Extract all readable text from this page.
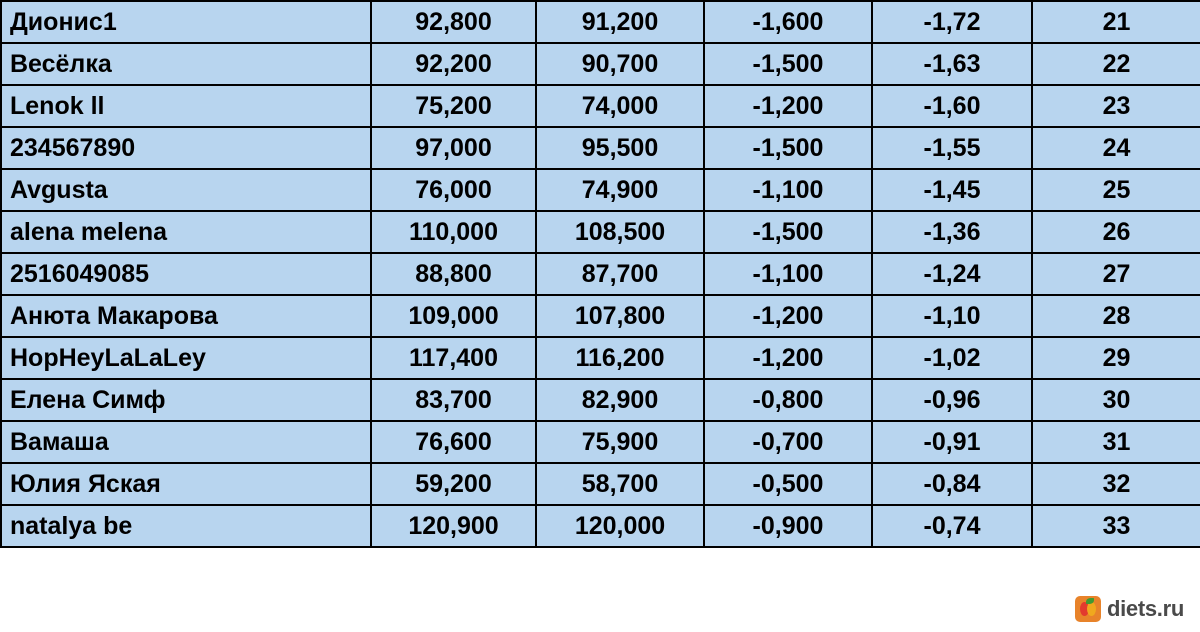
Дионис1	92,800	91,200	-1,600	-1,72	21
Весёлка	92,200	90,700	-1,500	-1,63	22
Lenok ll	75,200	74,000	-1,200	-1,60	23
234567890	97,000	95,500	-1,500	-1,55	24
Avgusta	76,000	74,900	-1,100	-1,45	25
alena melena	110,000	108,500	-1,500	-1,36	26
2516049085	88,800	87,700	-1,100	-1,24	27
Анюта Макарова	109,000	107,800	-1,200	-1,10	28
HopHeyLaLaLey	117,400	116,200	-1,200	-1,02	29
Елена Симф	83,700	82,900	-0,800	-0,96	30
Вамаша	76,600	75,900	-0,700	-0,91	31
Юлия Яская	59,200	58,700	-0,500	-0,84	32
natalya be	120,900	120,000	-0,900	-0,74	33
diets.ru
